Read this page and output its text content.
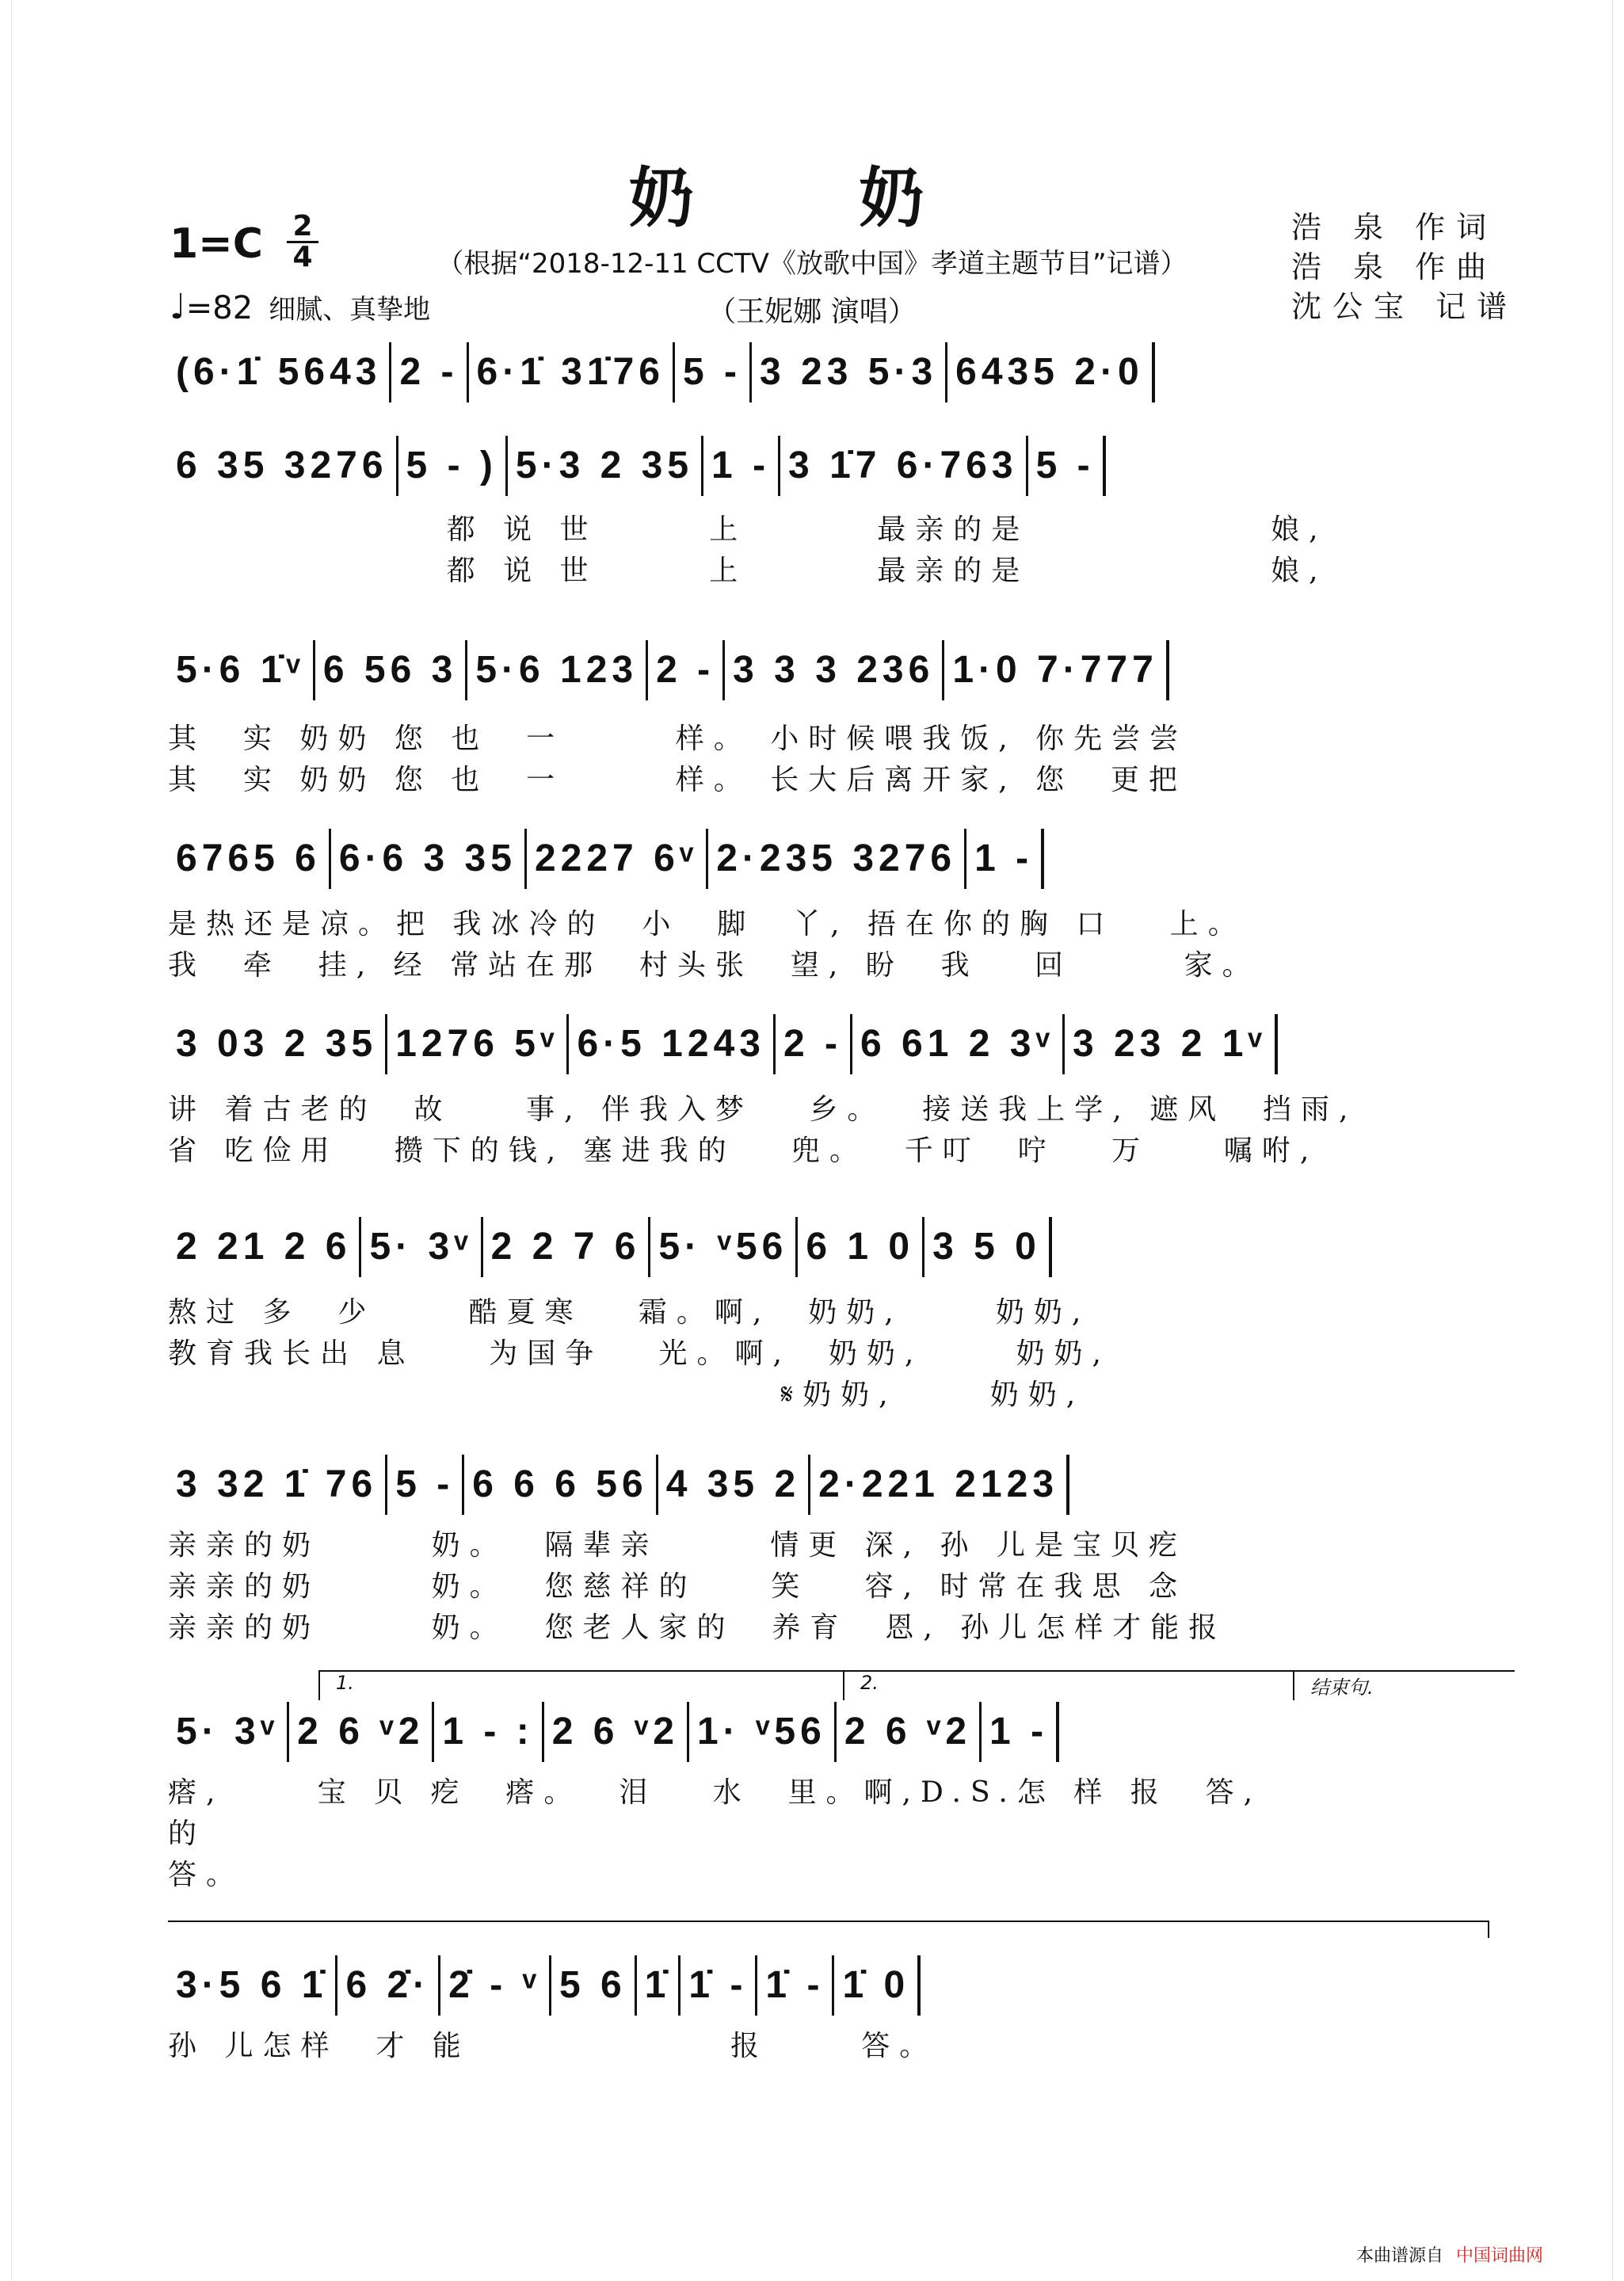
奶 奶
（根据“2018-12-11 CCTV《放歌中国》孝道主题节目”记谱）
（王妮娜 演唱）
1=C 2
4
♩=82 细腻、真挚地
浩 泉 作词
浩 泉 作曲
沈公宝 记谱
(6·1̇ 5643 2 - 6·1̇ 31̇76 5 - 3 23 5·3 6435 2·0
6 35 3276 5 - ) 5·3 2 35 1 - 3 1̇7 6·763 5 -
都 说 世      上       最亲的是             娘,
都 说 世      上       最亲的是             娘,
5·6 1̇ᵛ 6 56 3 5·6 123 2 - 3 3 3 236 1·0 7·777
其  实 奶奶 您 也  一      样。 小时候喂我饭, 你先尝尝
其  实 奶奶 您 也  一      样。 长大后离开家, 您  更把
6765 6 6·6 3 35 2227 6ᵛ 2·235 3276 1 -
是热还是凉。把 我冰冷的  小  脚  丫, 捂在你的胸 口   上。
我  牵  挂, 经 常站在那  村头张  望, 盼  我   回      家。
3 03 2 35 1276 5ᵛ 6·5 1243 2 - 6 61 2 3ᵛ 3 23 2 1ᵛ
讲 着古老的  故    事, 伴我入梦   乡。  接送我上学, 遮风  挡雨,
省 吃俭用   攒下的钱, 塞进我的   兜。  千叮  咛   万    嘱咐,
2 21 2 6 5· 3ᵛ 2 2 7 6 5· ᵛ56 6 1 0 3 5 0
熬过 多  少     酷夏寒   霜。啊,  奶奶,     奶奶,
教育我长出 息    为国争   光。啊,  奶奶,     奶奶,
𝄋奶奶,     奶奶,
3 32 1̇ 76 5 - 6 6 6 56 4 35 2 2·221 2123
亲亲的奶      奶。  隔辈亲      情更 深, 孙 儿是宝贝疙
亲亲的奶      奶。  您慈祥的    笑   容, 时常在我思 念
亲亲的奶      奶。  您老人家的  养育  恩, 孙儿怎样才能报
1.	2.	结束句.
5· 3ᵛ 2 6 ᵛ2 1 - : 2 6 ᵛ2 1· ᵛ56 2 6 ᵛ2 1 -
瘩,     宝 贝 疙  瘩。  泪   水  里。啊,D.S.怎 样 报  答,
的
答。
3·5 6 1̇ 6 2̇· 2̇ - ᵛ 5 6 1̇ 1̇ - 1̇ - 1̇ 0
孙 儿怎样  才 能              报     答。
本曲谱源自 中国词曲网
